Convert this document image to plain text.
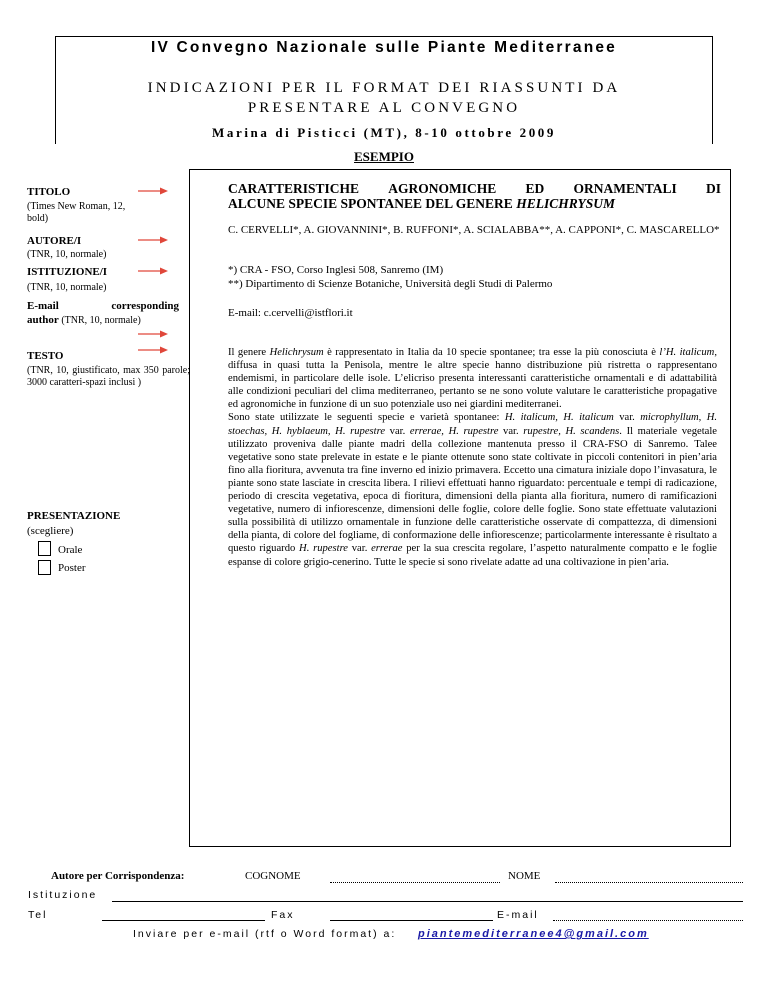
IV Convegno Nazionale sulle Piante Mediterranee
INDICAZIONI PER IL FORMAT DEI RIASSUNTI DA
PRESENTARE AL CONVEGNO
Marina di Pisticci (MT), 8-10 ottobre 2009
ESEMPIO
TITOLO
(Times New Roman, 12, bold)
AUTORE/I
(TNR, 10, normale)
ISTITUZIONE/I
(TNR, 10, normale)
E-mail	corresponding
author (TNR, 10, normale)
TESTO
(TNR, 10, giustificato, max 350 parole; 3000 caratteri-spazi inclusi )
PRESENTAZIONE
(scegliere)
Orale
Poster
CARATTERISTICHE AGRONOMICHE ED ORNAMENTALI DI
ALCUNE SPECIE SPONTANEE DEL GENERE HELICHRYSUM
C. CERVELLI*, A. GIOVANNINI*, B. RUFFONI*, A. SCIALABBA**, A. CAPPONI*, C. MASCARELLO*
*) CRA - FSO, Corso Inglesi 508, Sanremo (IM)
**) Dipartimento di Scienze Botaniche, Università degli Studi di Palermo
E-mail: c.cervelli@istflori.it
Il genere Helichrysum è rappresentato in Italia da 10 specie spontanee; tra esse la più conosciuta è l’H. italicum, diffusa in quasi tutta la Penisola, mentre le altre specie hanno distribuzione più ristretta o rappresentano endemismi, in particolare delle isole. L’elicriso presenta interessanti caratteristiche ornamentali e di adattabilità alle condizioni peculiari del clima mediterraneo, pertanto se ne sono volute valutare le caratteristiche propagative ed agronomiche in funzione di un suo potenziale uso nei giardini mediterranei.
Sono state utilizzate le seguenti specie e varietà spontanee: H. italicum, H. italicum var. microphyllum, H. stoechas, H. hyblaeum, H. rupestre var. errerae, H. rupestre var. rupestre, H. scandens. Il materiale vegetale utilizzato proveniva dalle piante madri della collezione mantenuta presso il CRA-FSO di Sanremo. Talee vegetative sono state prelevate in estate e le piante ottenute sono state coltivate in piccoli contenitori in pien’aria fino alla fioritura, avvenuta tra fine inverno ed inizio primavera. Eccetto una cimatura iniziale dopo l’invasatura, le piante sono state lasciate in crescita libera. I rilievi effettuati hanno riguardato: percentuale e tempi di radicazione, periodo di crescita vegetativa, epoca di fioritura, dimensioni della pianta alla fioritura, numero di ramificazioni vegetative, numero di infiorescenze, dimensioni delle foglie, colore delle foglie. Sono state effettuate valutazioni sulla possibilità di utilizzo ornamentale in funzione delle caratteristiche osservate di compattezza, di dimensioni della pianta, di colore del fogliame, di conformazione delle infiorescenze; particolarmente interessante è risultato a questo riguardo H. rupestre var. errerae per la sua crescita regolare, l’aspetto naturalmente compatto e le foglie espanse di colore grigio-cenerino. Tutte le specie si sono rivelate adatte ad una coltivazione in pien’aria.
Autore per Corrispondenza:	COGNOME	NOME
Istituzione
Tel	Fax	E-mail
Inviare per e-mail (rtf o Word format) a: piantemediterranee4@gmail.com
